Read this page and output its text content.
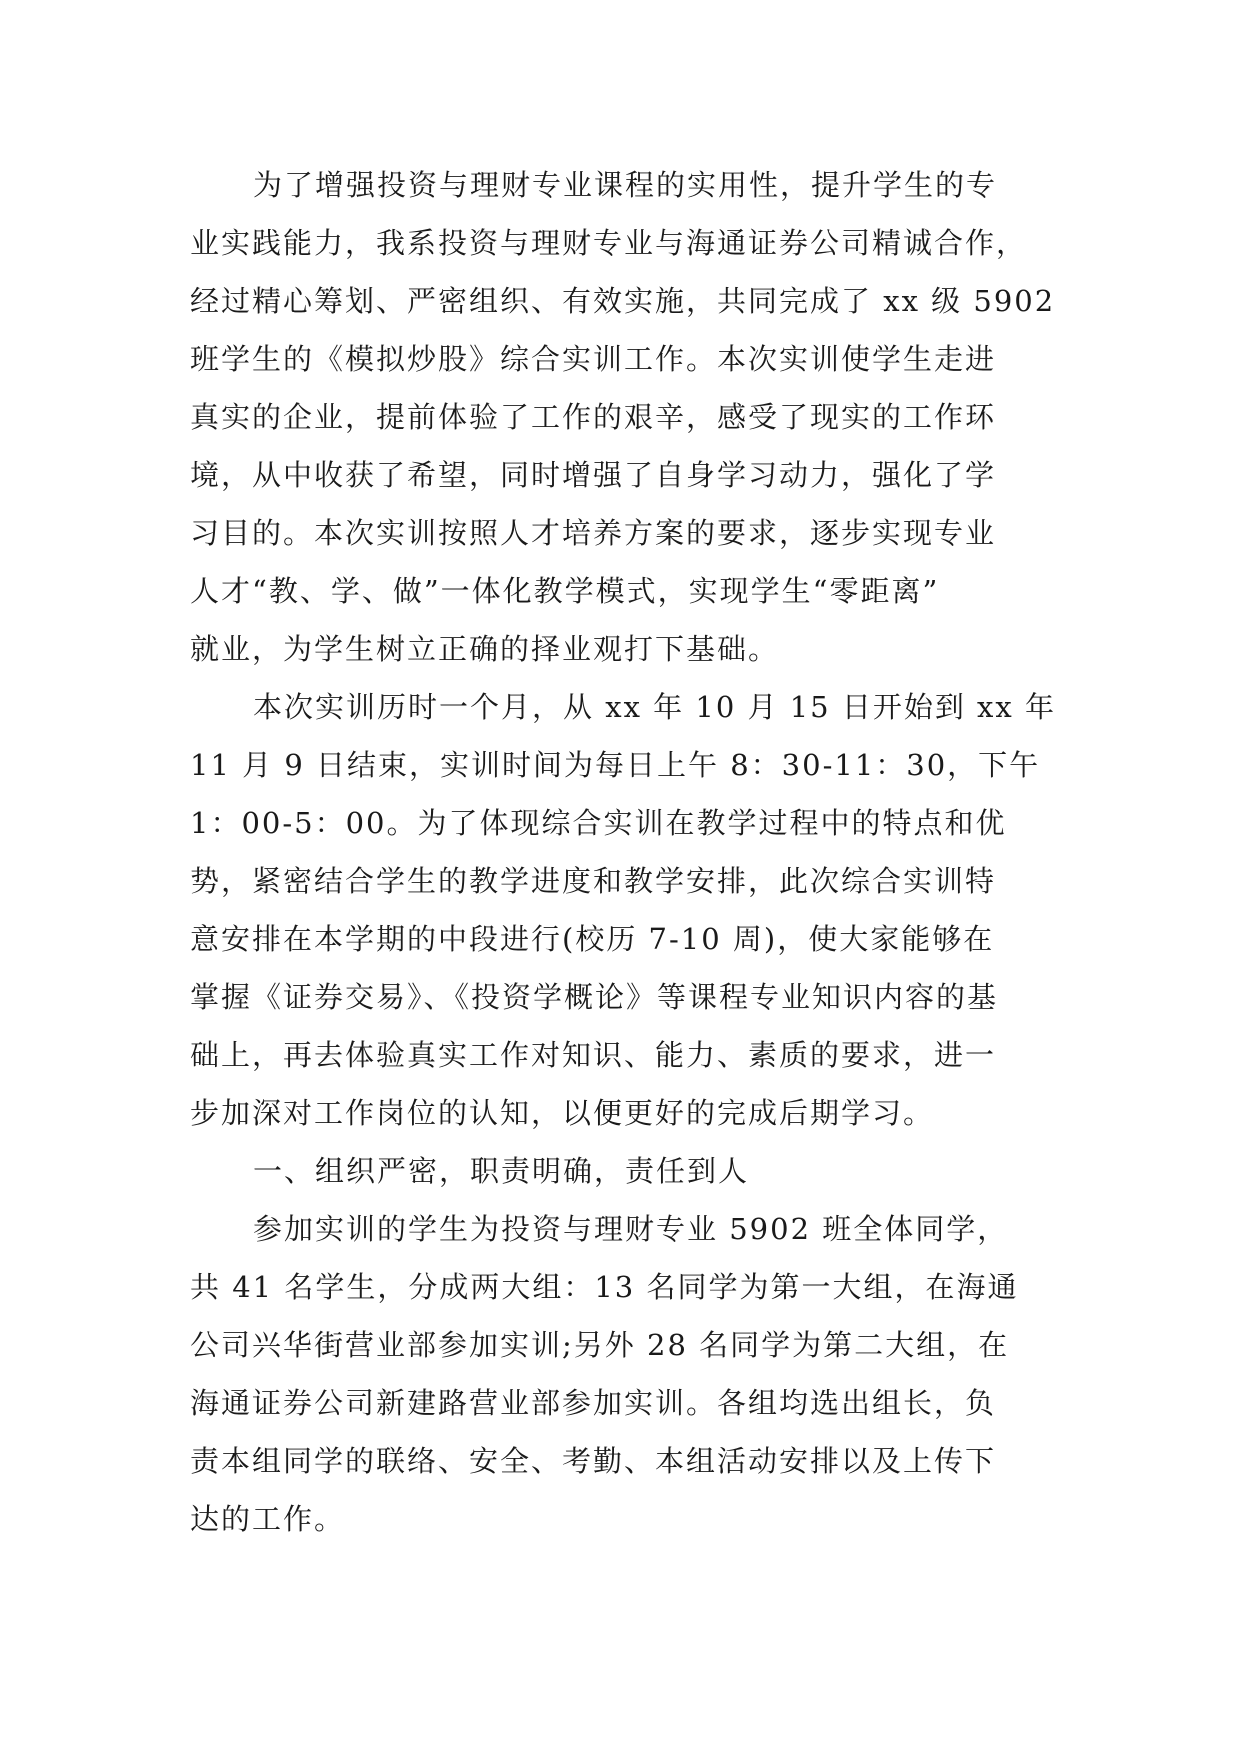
为了增强投资与理财专业课程的实用性，提升学生的专
业实践能力，我系投资与理财专业与海通证券公司精诚合作，
经过精心筹划、严密组织、有效实施，共同完成了 xx 级 5902
班学生的《模拟炒股》综合实训工作。本次实训使学生走进
真实的企业，提前体验了工作的艰辛，感受了现实的工作环
境，从中收获了希望，同时增强了自身学习动力，强化了学
习目的。本次实训按照人才培养方案的要求，逐步实现专业
人才“教、学、做”一体化教学模式，实现学生“零距离”
就业，为学生树立正确的择业观打下基础。
本次实训历时一个月，从 xx 年 10 月 15 日开始到 xx 年
11 月 9 日结束，实训时间为每日上午 8：30-11：30，下午
1：00-5：00。为了体现综合实训在教学过程中的特点和优
势，紧密结合学生的教学进度和教学安排，此次综合实训特
意安排在本学期的中段进行(校历 7-10 周)，使大家能够在
掌握《证券交易》、《投资学概论》等课程专业知识内容的基
础上，再去体验真实工作对知识、能力、素质的要求，进一
步加深对工作岗位的认知，以便更好的完成后期学习。
一、组织严密，职责明确，责任到人
参加实训的学生为投资与理财专业 5902 班全体同学，
共 41 名学生，分成两大组：13 名同学为第一大组，在海通
公司兴华街营业部参加实训;另外 28 名同学为第二大组，在
海通证券公司新建路营业部参加实训。各组均选出组长，负
责本组同学的联络、安全、考勤、本组活动安排以及上传下
达的工作。
